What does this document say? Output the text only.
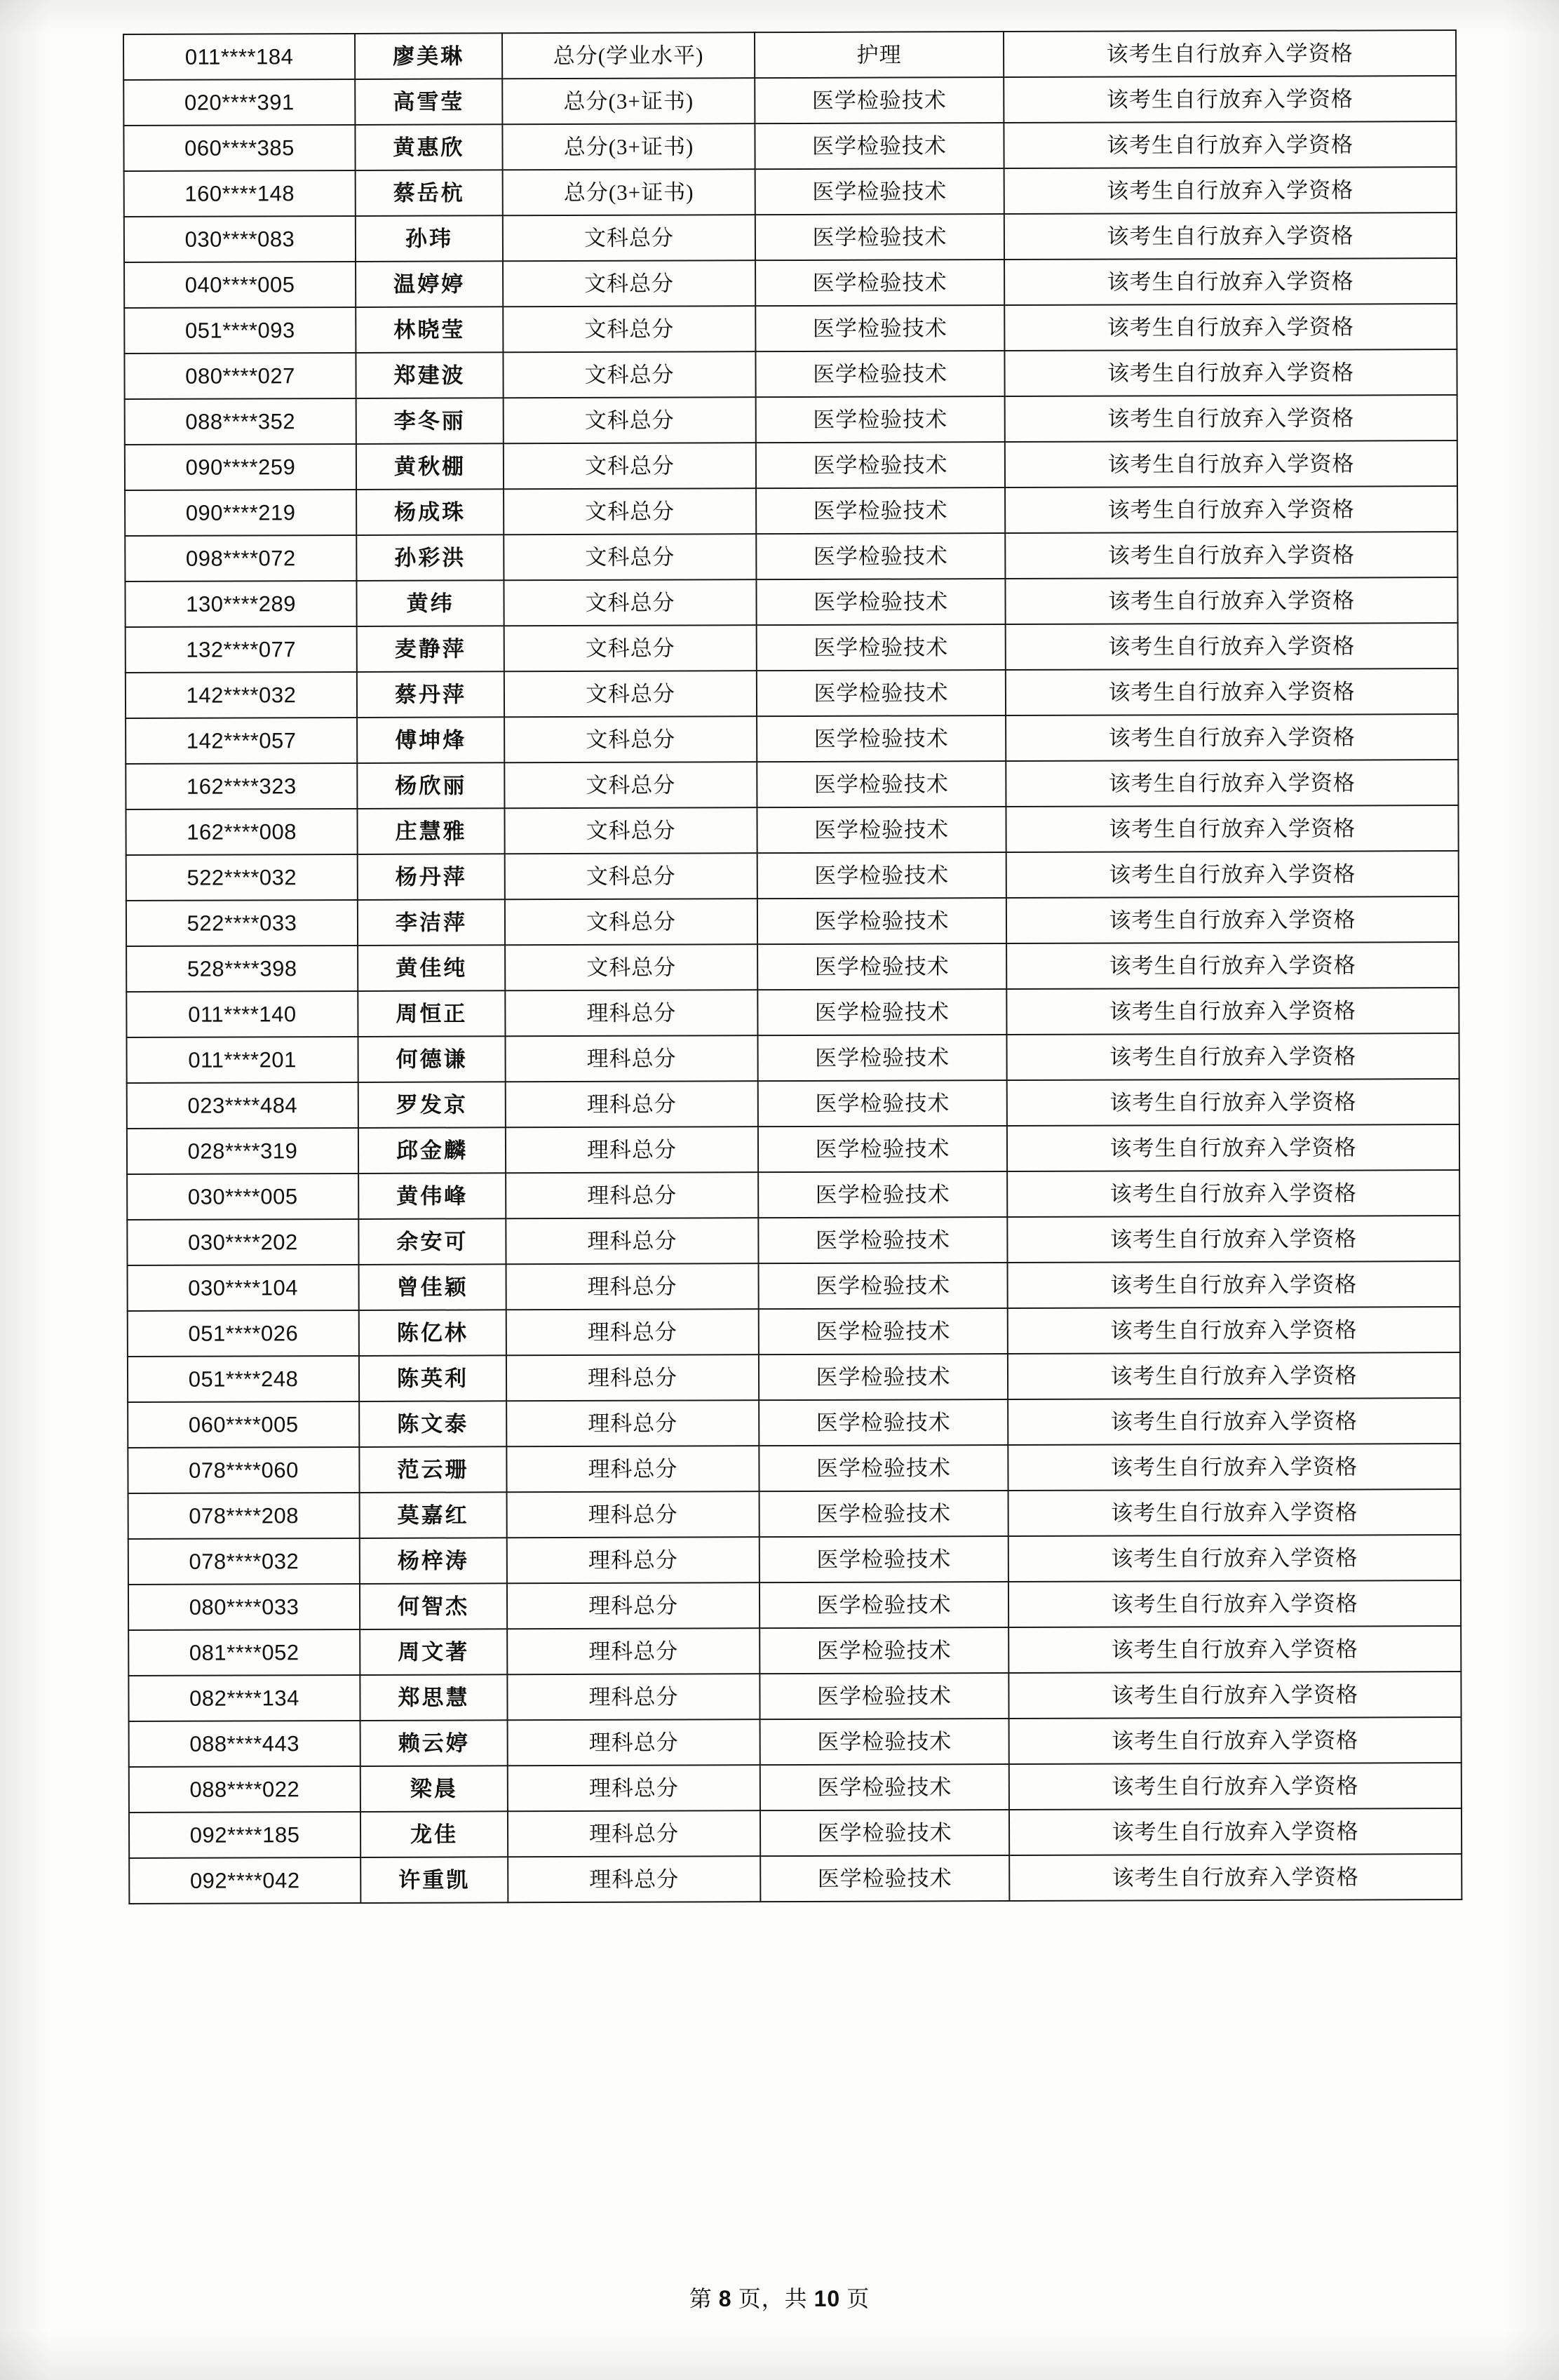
011****184	廖美琳	总分(学业水平)	护理	该考生自行放弃入学资格
020****391	高雪莹	总分(3+证书)	医学检验技术	该考生自行放弃入学资格
060****385	黄惠欣	总分(3+证书)	医学检验技术	该考生自行放弃入学资格
160****148	蔡岳杭	总分(3+证书)	医学检验技术	该考生自行放弃入学资格
030****083	孙玮	文科总分	医学检验技术	该考生自行放弃入学资格
040****005	温婷婷	文科总分	医学检验技术	该考生自行放弃入学资格
051****093	林晓莹	文科总分	医学检验技术	该考生自行放弃入学资格
080****027	郑建波	文科总分	医学检验技术	该考生自行放弃入学资格
088****352	李冬丽	文科总分	医学检验技术	该考生自行放弃入学资格
090****259	黄秋棚	文科总分	医学检验技术	该考生自行放弃入学资格
090****219	杨成珠	文科总分	医学检验技术	该考生自行放弃入学资格
098****072	孙彩洪	文科总分	医学检验技术	该考生自行放弃入学资格
130****289	黄纬	文科总分	医学检验技术	该考生自行放弃入学资格
132****077	麦静萍	文科总分	医学检验技术	该考生自行放弃入学资格
142****032	蔡丹萍	文科总分	医学检验技术	该考生自行放弃入学资格
142****057	傅坤烽	文科总分	医学检验技术	该考生自行放弃入学资格
162****323	杨欣丽	文科总分	医学检验技术	该考生自行放弃入学资格
162****008	庄慧雅	文科总分	医学检验技术	该考生自行放弃入学资格
522****032	杨丹萍	文科总分	医学检验技术	该考生自行放弃入学资格
522****033	李洁萍	文科总分	医学检验技术	该考生自行放弃入学资格
528****398	黄佳纯	文科总分	医学检验技术	该考生自行放弃入学资格
011****140	周恒正	理科总分	医学检验技术	该考生自行放弃入学资格
011****201	何德谦	理科总分	医学检验技术	该考生自行放弃入学资格
023****484	罗发京	理科总分	医学检验技术	该考生自行放弃入学资格
028****319	邱金麟	理科总分	医学检验技术	该考生自行放弃入学资格
030****005	黄伟峰	理科总分	医学检验技术	该考生自行放弃入学资格
030****202	余安可	理科总分	医学检验技术	该考生自行放弃入学资格
030****104	曾佳颖	理科总分	医学检验技术	该考生自行放弃入学资格
051****026	陈亿林	理科总分	医学检验技术	该考生自行放弃入学资格
051****248	陈英利	理科总分	医学检验技术	该考生自行放弃入学资格
060****005	陈文泰	理科总分	医学检验技术	该考生自行放弃入学资格
078****060	范云珊	理科总分	医学检验技术	该考生自行放弃入学资格
078****208	莫嘉红	理科总分	医学检验技术	该考生自行放弃入学资格
078****032	杨梓涛	理科总分	医学检验技术	该考生自行放弃入学资格
080****033	何智杰	理科总分	医学检验技术	该考生自行放弃入学资格
081****052	周文著	理科总分	医学检验技术	该考生自行放弃入学资格
082****134	郑思慧	理科总分	医学检验技术	该考生自行放弃入学资格
088****443	赖云婷	理科总分	医学检验技术	该考生自行放弃入学资格
088****022	梁晨	理科总分	医学检验技术	该考生自行放弃入学资格
092****185	龙佳	理科总分	医学检验技术	该考生自行放弃入学资格
092****042	许重凯	理科总分	医学检验技术	该考生自行放弃入学资格
第 8 页，共 10 页
